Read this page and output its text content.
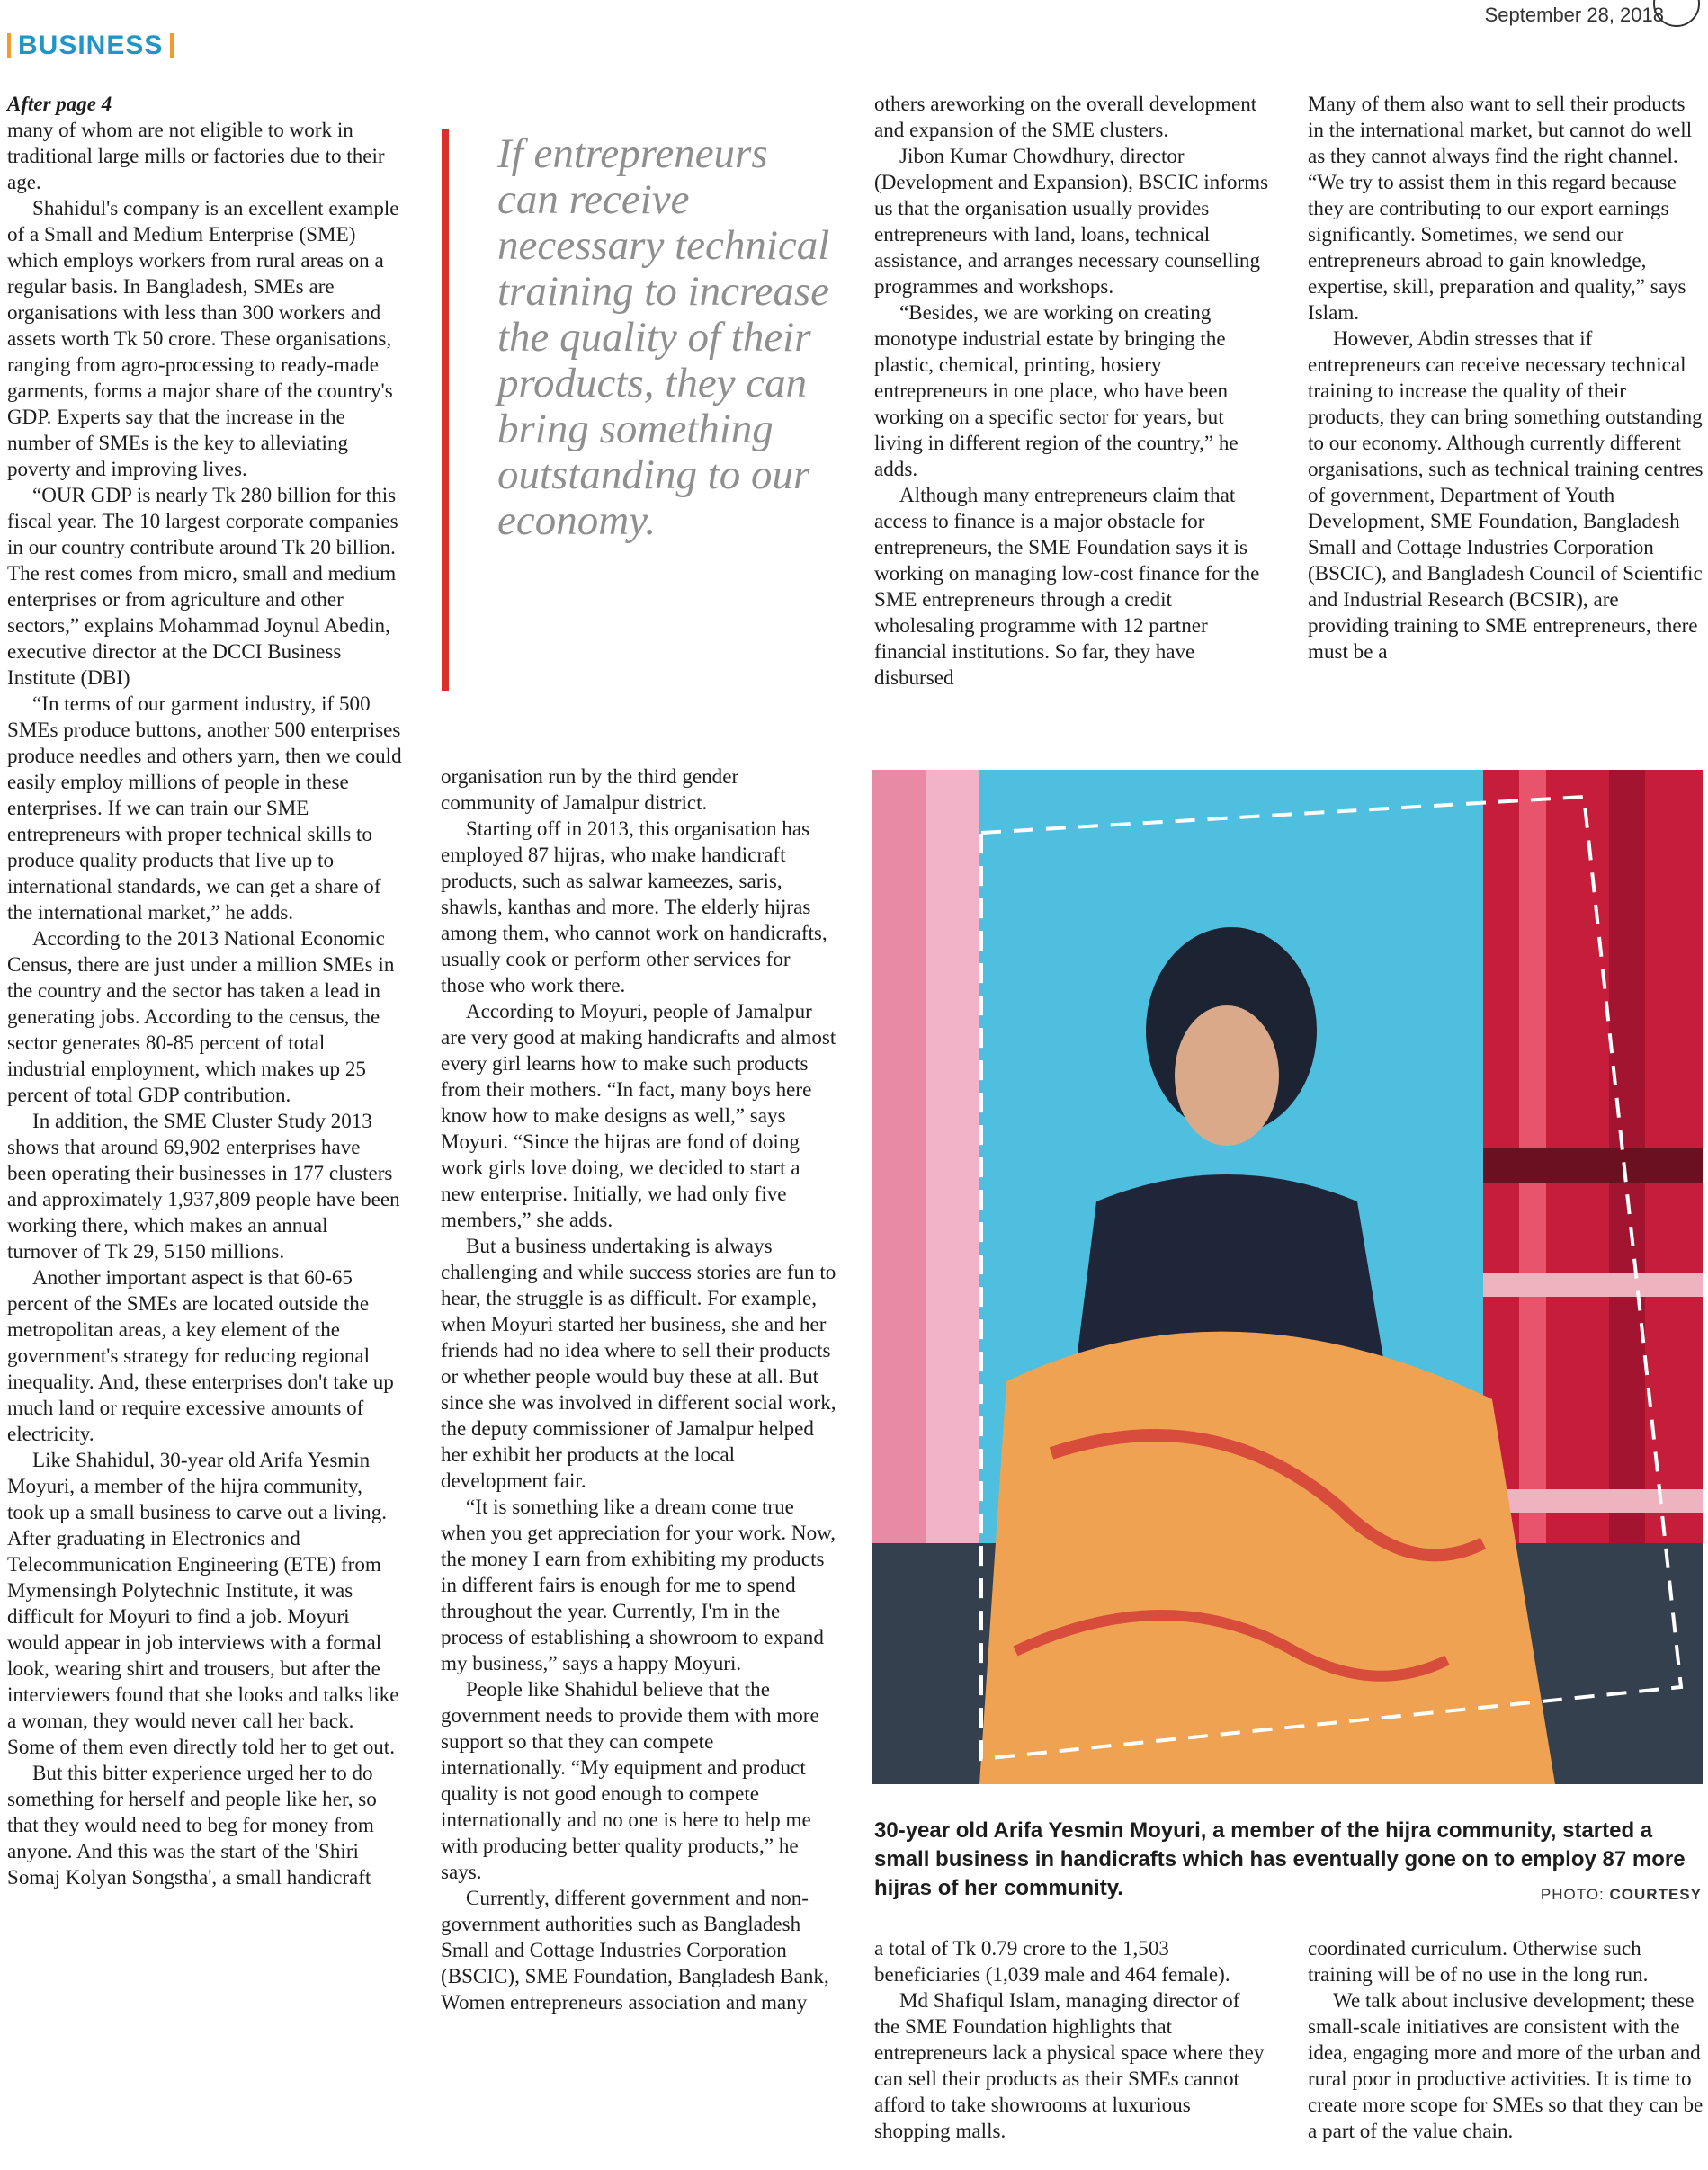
September 28, 2018
BUSINESS

After page 4

many of whom are not eligible to work in traditional large mills or factories due to their age.

Shahidul's company is an excellent example of a Small and Medium Enterprise (SME) which employs workers from rural areas on a regular basis. In Bangladesh, SMEs are organisations with less than 300 workers and assets worth Tk 50 crore. These organisations, ranging from agro-processing to ready-made garments, forms a major share of the country's GDP. Experts say that the increase in the number of SMEs is the key to alleviating poverty and improving lives.

“OUR GDP is nearly Tk 280 billion for this fiscal year. The 10 largest corporate companies in our country contribute around Tk 20 billion. The rest comes from micro, small and medium enterprises or from agriculture and other sectors,” explains Mohammad Joynul Abedin, executive director at the DCCI Business Institute (DBI)

“In terms of our garment industry, if 500 SMEs produce buttons, another 500 enterprises produce needles and others yarn, then we could easily employ millions of people in these enterprises. If we can train our SME entrepreneurs with proper technical skills to produce quality products that live up to international standards, we can get a share of the international market,” he adds.

According to the 2013 National Economic Census, there are just under a million SMEs in the country and the sector has taken a lead in generating jobs. According to the census, the sector generates 80-85 percent of total industrial employment, which makes up 25 percent of total GDP contribution.

In addition, the SME Cluster Study 2013 shows that around 69,902 enterprises have been operating their businesses in 177 clusters and approximately 1,937,809 people have been working there, which makes an annual turnover of Tk 29, 5150 millions.

Another important aspect is that 60-65 percent of the SMEs are located outside the metropolitan areas, a key element of the government's strategy for reducing regional inequality. And, these enterprises don't take up much land or require excessive amounts of electricity.

Like Shahidul, 30-year old Arifa Yesmin Moyuri, a member of the hijra community, took up a small business to carve out a living. After graduating in Electronics and Telecommunication Engineering (ETE) from Mymensingh Polytechnic Institute, it was difficult for Moyuri to find a job. Moyuri would appear in job interviews with a formal look, wearing shirt and trousers, but after the interviewers found that she looks and talks like a woman, they would never call her back. Some of them even directly told her to get out.

But this bitter experience urged her to do something for herself and people like her, so that they would need to beg for money from anyone. And this was the start of the 'Shiri Somaj Kolyan Songstha', a small handicraft

If entrepreneurs can receive necessary technical training to increase the quality of their products, they can bring something outstanding to our economy.

organisation run by the third gender community of Jamalpur district.

Starting off in 2013, this organisation has employed 87 hijras, who make handicraft products, such as salwar kameezes, saris, shawls, kanthas and more. The elderly hijras among them, who cannot work on handicrafts, usually cook or perform other services for those who work there.

According to Moyuri, people of Jamalpur are very good at making handicrafts and almost every girl learns how to make such products from their mothers. “In fact, many boys here know how to make designs as well,” says Moyuri. “Since the hijras are fond of doing work girls love doing, we decided to start a new enterprise. Initially, we had only five members,” she adds.

But a business undertaking is always challenging and while success stories are fun to hear, the struggle is as difficult. For example, when Moyuri started her business, she and her friends had no idea where to sell their products or whether people would buy these at all. But since she was involved in different social work, the deputy commissioner of Jamalpur helped her exhibit her products at the local development fair.

“It is something like a dream come true when you get appreciation for your work. Now, the money I earn from exhibiting my products in different fairs is enough for me to spend throughout the year. Currently, I'm in the process of establishing a showroom to expand my business,” says a happy Moyuri.

People like Shahidul believe that the government needs to provide them with more support so that they can compete internationally. “My equipment and product quality is not good enough to compete internationally and no one is here to help me with producing better quality products,” he says.

Currently, different government and non-government authorities such as Bangladesh Small and Cottage Industries Corporation (BSCIC), SME Foundation, Bangladesh Bank, Women entrepreneurs association and many

others areworking on the overall development and expansion of the SME clusters.

Jibon Kumar Chowdhury, director (Development and Expansion), BSCIC informs us that the organisation usually provides entrepreneurs with land, loans, technical assistance, and arranges necessary counselling programmes and workshops.

“Besides, we are working on creating monotype industrial estate by bringing the plastic, chemical, printing, hosiery entrepreneurs in one place, who have been working on a specific sector for years, but living in different region of the country,” he adds.

Although many entrepreneurs claim that access to finance is a major obstacle for entrepreneurs, the SME Foundation says it is working on managing low-cost finance for the SME entrepreneurs through a credit wholesaling programme with 12 partner financial institutions. So far, they have disbursed

Many of them also want to sell their products in the international market, but cannot do well as they cannot always find the right channel. “We try to assist them in this regard because they are contributing to our export earnings significantly. Sometimes, we send our entrepreneurs abroad to gain knowledge, expertise, skill, preparation and quality,” says Islam.

However, Abdin stresses that if entrepreneurs can receive necessary technical training to increase the quality of their products, they can bring something outstanding to our economy. Although currently different organisations, such as technical training centres of government, Department of Youth Development, SME Foundation, Bangladesh Small and Cottage Industries Corporation (BSCIC), and Bangladesh Council of Scientific and Industrial Research (BCSIR), are providing training to SME entrepreneurs, there must be a

30-year old Arifa Yesmin Moyuri, a member of the hijra community, started a small business in handicrafts which has eventually gone on to employ 87 more hijras of her community.	PHOTO: COURTESY

a total of Tk 0.79 crore to the 1,503 beneficiaries (1,039 male and 464 female).

Md Shafiqul Islam, managing director of the SME Foundation highlights that entrepreneurs lack a physical space where they can sell their products as their SMEs cannot afford to take showrooms at luxurious shopping malls.

coordinated curriculum. Otherwise such training will be of no use in the long run.

We talk about inclusive development; these small-scale initiatives are consistent with the idea, engaging more and more of the urban and rural poor in productive activities. It is time to create more scope for SMEs so that they can be a part of the value chain.
